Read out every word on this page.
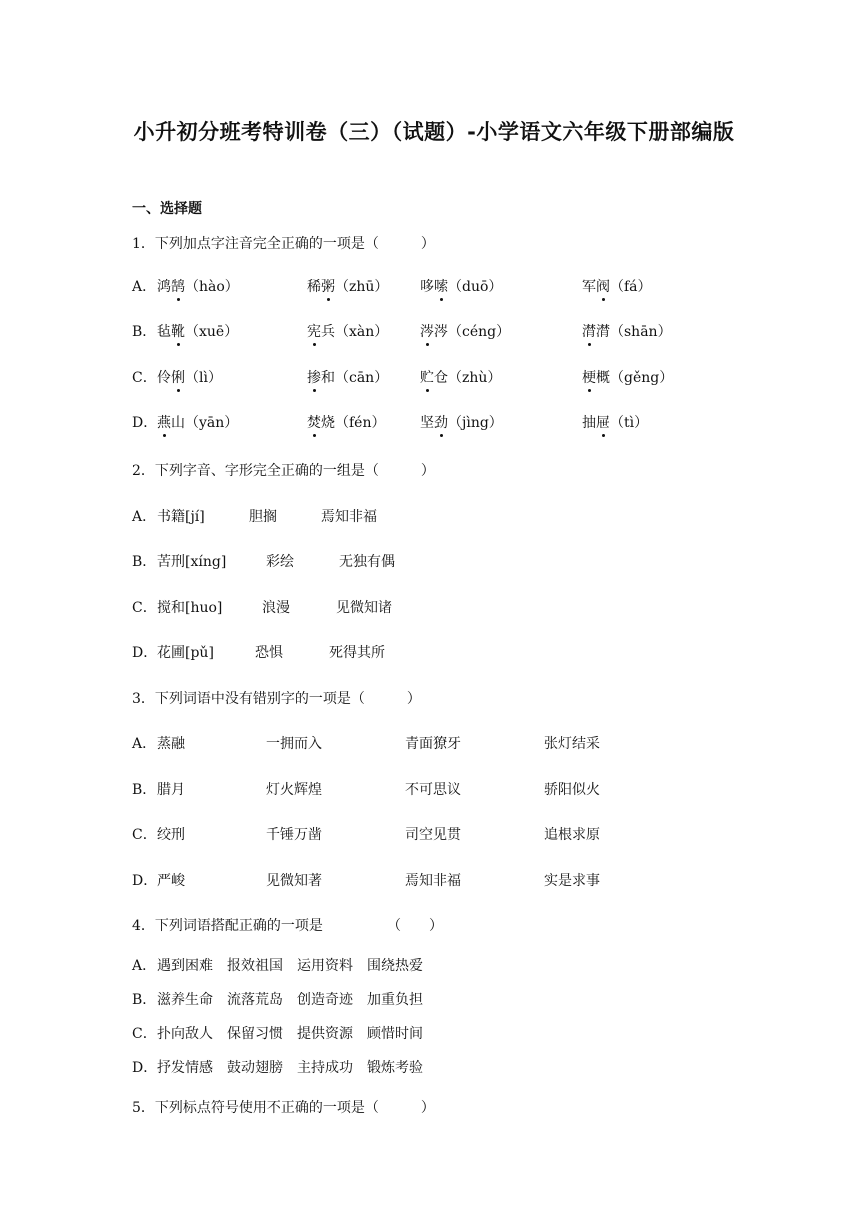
小升初分班考特训卷（三）（试题）-小学语文六年级下册部编版
一、选择题
1．下列加点字注音完全正确的一项是（　　　）
A． 鸿鹄（hào）	稀粥（zhū） 哆嗦（duō）	军阀（fá）
B． 毡靴（xuē）	宪兵（xàn） 涔涔（céng）	潸潸（shān）
C． 伶俐（lì）	掺和（cān） 贮仓（zhù）	梗概（gěng）
D． 燕山（yān）	焚烧（fén） 坚劲（jìng）	抽屉（tì）
2．下列字音、字形完全正确的一组是（　　　）
A． 书籍[jí]	胆搁	焉知非福
B． 苦刑[xíng]	彩绘	无独有偶
C． 搅和[huo]	浪漫	见微知诸
D． 花圃[pǔ]	恐惧	死得其所
3．下列词语中没有错别字的一项是（　　　）
A． 蒸融	一拥而入	青面獠牙	张灯结采
B． 腊月	灯火辉煌	不可思议	骄阳似火
C． 绞刑	千锤万凿	司空见贯	追根求原
D． 严峻	见微知著	焉知非福	实是求事
4．下列词语搭配正确的一项是	（　　）
A． 遇到困难　报效祖国　运用资料　围绕热爱
B． 滋养生命　流落荒岛　创造奇迹　加重负担
C． 扑向敌人　保留习惯　提供资源　顾惜时间
D． 抒发情感　鼓动翅膀　主持成功　锻炼考验
5．下列标点符号使用不正确的一项是（　　　）
